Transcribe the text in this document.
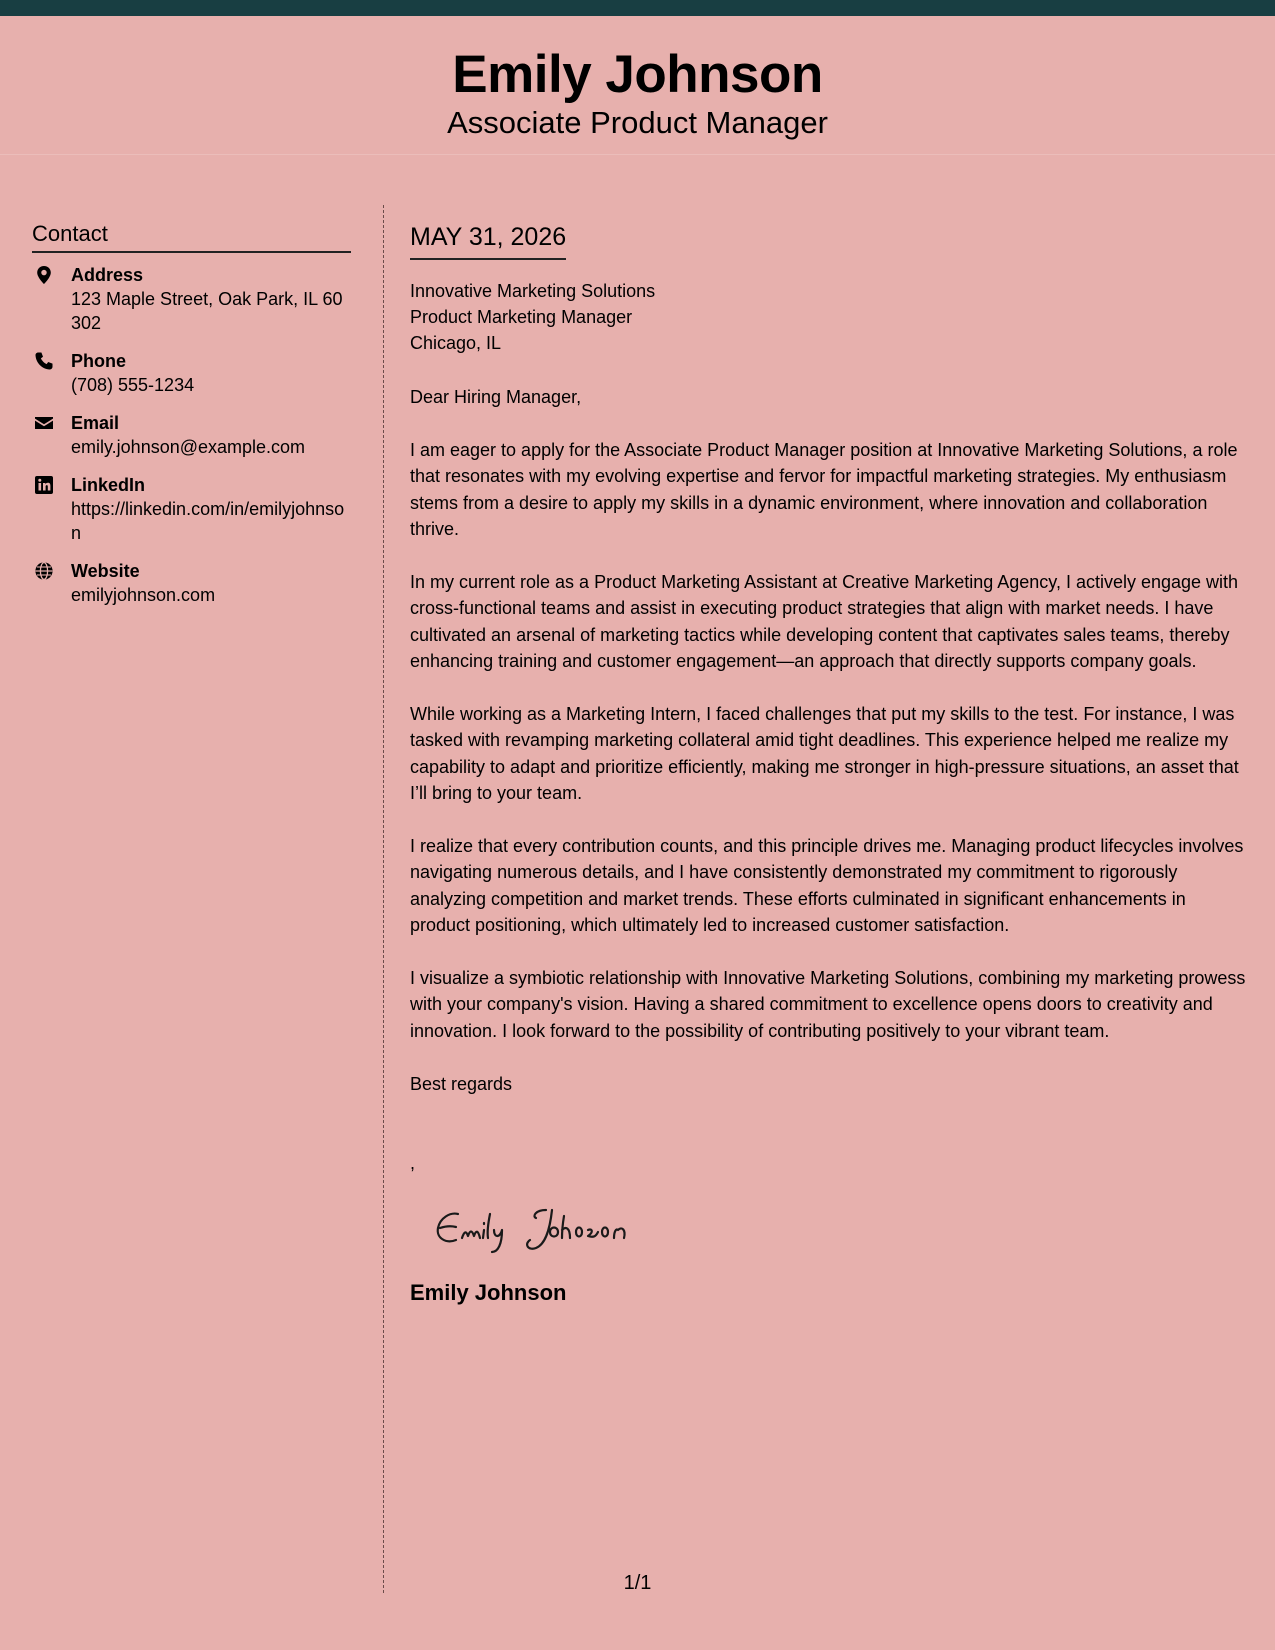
Emily Johnson
Associate Product Manager
Contact
Address
123 Maple Street, Oak Park, IL 60302
Phone
(708) 555-1234
Email
emily.johnson@example.com
LinkedIn
https://linkedin.com/in/emilyjohnson
Website
emilyjohnson.com
MAY 31, 2026
Innovative Marketing Solutions
Product Marketing Manager
Chicago, IL

Dear Hiring Manager,

I am eager to apply for the Associate Product Manager position at Innovative Marketing Solutions, a role that resonates with my evolving expertise and fervor for impactful marketing strategies. My enthusiasm stems from a desire to apply my skills in a dynamic environment, where innovation and collaboration thrive.

In my current role as a Product Marketing Assistant at Creative Marketing Agency, I actively engage with cross-functional teams and assist in executing product strategies that align with market needs. I have cultivated an arsenal of marketing tactics while developing content that captivates sales teams, thereby enhancing training and customer engagement—an approach that directly supports company goals.

While working as a Marketing Intern, I faced challenges that put my skills to the test. For instance, I was tasked with revamping marketing collateral amid tight deadlines. This experience helped me realize my capability to adapt and prioritize efficiently, making me stronger in high-pressure situations, an asset that I’ll bring to your team.

I realize that every contribution counts, and this principle drives me. Managing product lifecycles involves navigating numerous details, and I have consistently demonstrated my commitment to rigorously analyzing competition and market trends. These efforts culminated in significant enhancements in product positioning, which ultimately led to increased customer satisfaction.

I visualize a symbiotic relationship with Innovative Marketing Solutions, combining my marketing prowess with your company's vision. Having a shared commitment to excellence opens doors to creativity and innovation. I look forward to the possibility of contributing positively to your vibrant team.

Best regards

,

Emily Johnson
1/1
